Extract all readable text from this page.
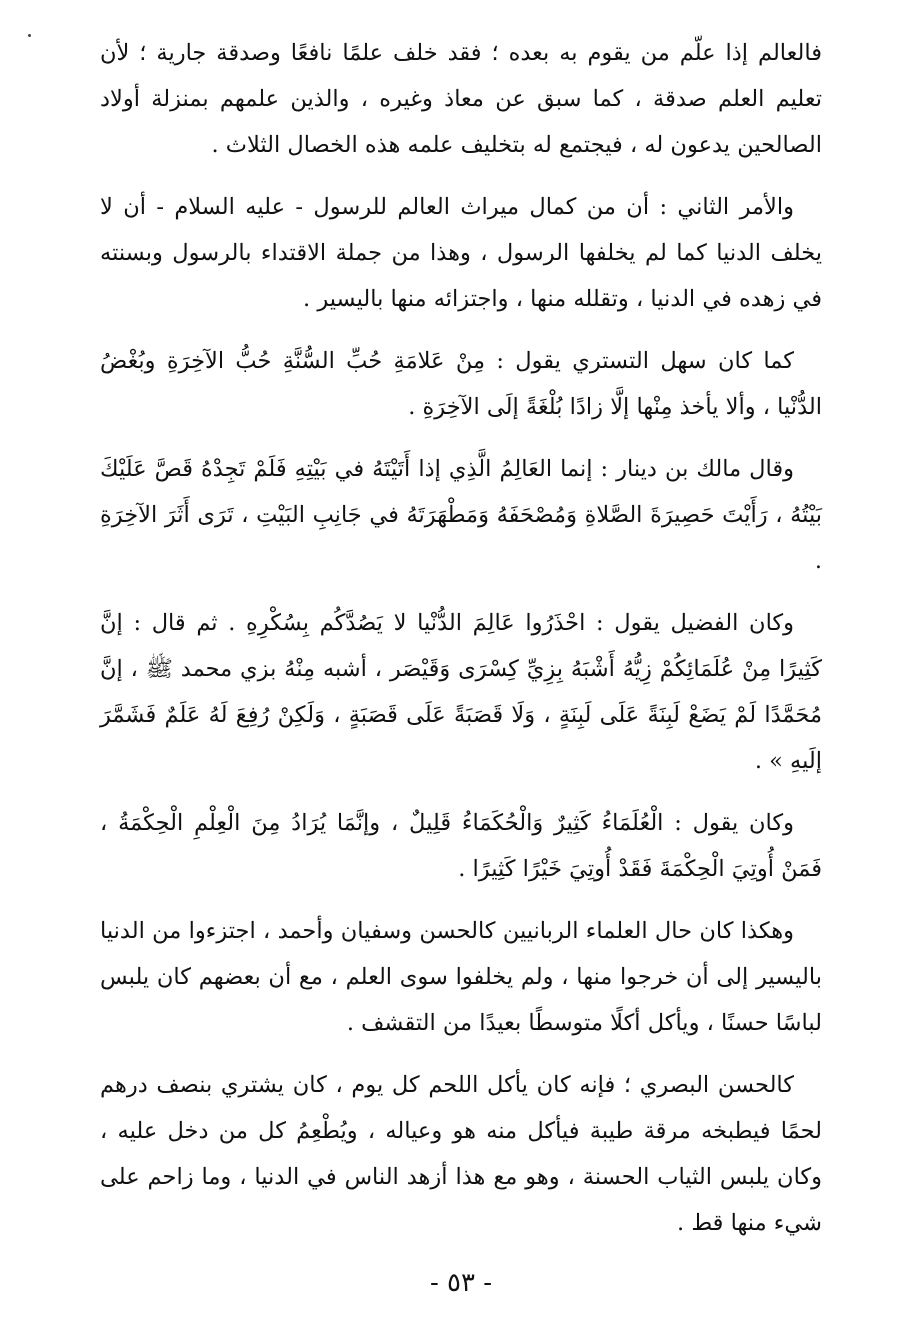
فالعالم إذا علّم من يقوم به بعده ؛ فقد خلف علمًا نافعًا وصدقة جارية ؛ لأن تعليم العلم صدقة ، كما سبق عن معاذ وغيره ، والذين علمهم بمنزلة أولاد الصالحين يدعون له ، فيجتمع له بتخليف علمه هذه الخصال الثلاث .

والأمر الثاني : أن من كمال ميراث العالم للرسول - عليه السلام - أن لا يخلف الدنيا كما لم يخلفها الرسول ، وهذا من جملة الاقتداء بالرسول وبسنته في زهده في الدنيا ، وتقلله منها ، واجتزائه منها باليسير .

كما كان سهل التستري يقول : مِنْ عَلامَةِ حُبِّ السُّنَّةِ حُبُّ الآخِرَةِ وبُغْضُ الدُّنْيا ، وألا يأخذ مِنْها إلَّا زادًا بُلْغَةً إلَى الآخِرَةِ .

وقال مالك بن دينار : إنما العَالِمُ الَّذِي إذا أَتَيْتَهُ في بَيْتِهِ فَلَمْ تَجِدْهُ قَصَّ عَلَيْكَ بَيْتُهُ ، رَأَيْتَ حَصِيرَةَ الصَّلاةِ وَمُصْحَفَهُ وَمَطْهَرَتَهُ في جَانِبِ البَيْتِ ، تَرَى أَثَرَ الآخِرَةِ .

وكان الفضيل يقول : احْذَرُوا عَالِمَ الدُّنْيا لا يَصُدَّكُم بِسُكْرِهِ . ثم قال : إنَّ كَثِيرًا مِنْ عُلَمَائِكُمْ زِيُّهُ أَشْبَهُ بِزِيِّ كِسْرَى وَقَيْصَر ، أشبه مِنْهُ بزي محمد ﷺ ، إنَّ مُحَمَّدًا لَمْ يَضَعْ لَبِنَةً عَلَى لَبِنَةٍ ، وَلَا قَصَبَةً عَلَى قَصَبَةٍ ، وَلَكِنْ رُفِعَ لَهُ عَلَمٌ فَشَمَّرَ إلَيهِ » .

وكان يقول : الْعُلَمَاءُ كَثِيرٌ وَالْحُكَمَاءُ قَلِيلٌ ، وإنَّمَا يُرَادُ مِنَ الْعِلْمِ الْحِكْمَةُ ، فَمَنْ أُوتِيَ الْحِكْمَةَ فَقَدْ أُوتِيَ خَيْرًا كَثِيرًا .

وهكذا كان حال العلماء الربانيين كالحسن وسفيان وأحمد ، اجتزءوا من الدنيا باليسير إلى أن خرجوا منها ، ولم يخلفوا سوى العلم ، مع أن بعضهم كان يلبس لباسًا حسنًا ، ويأكل أكلًا متوسطًا بعيدًا من التقشف .

كالحسن البصري ؛ فإنه كان يأكل اللحم كل يوم ، كان يشتري بنصف درهم لحمًا فيطبخه مرقة طيبة فيأكل منه هو وعياله ، ويُطْعِمُ كل من دخل عليه ، وكان يلبس الثياب الحسنة ، وهو مع هذا أزهد الناس في الدنيا ، وما زاحم على شيء منها قط .

- ٥٣ -
